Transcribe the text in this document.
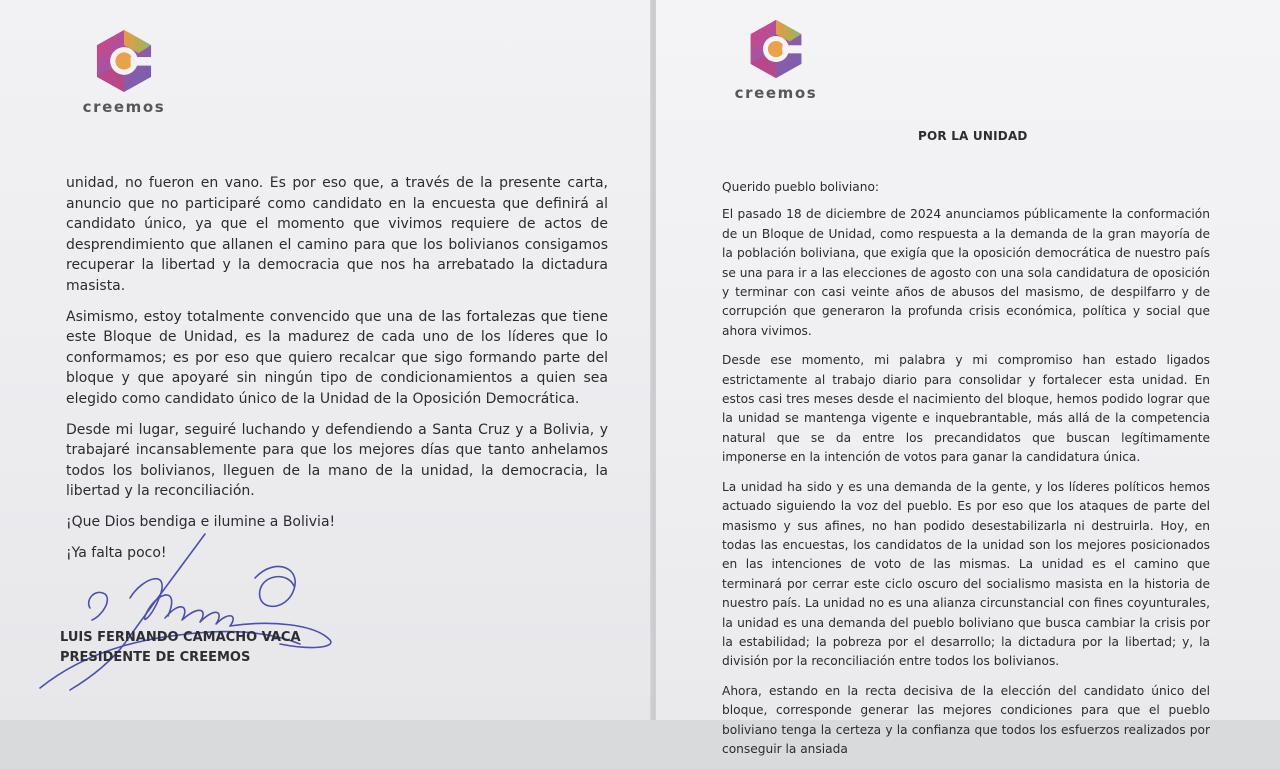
creemos

unidad, no fueron en vano. Es por eso que, a través de la presente carta, anuncio que no participaré como candidato en la encuesta que definirá al candidato único, ya que el momento que vivimos requiere de actos de desprendimiento que allanen el camino para que los bolivianos consigamos recuperar la libertad y la democracia que nos ha arrebatado la dictadura masista.

Asimismo, estoy totalmente convencido que una de las fortalezas que tiene este Bloque de Unidad, es la madurez de cada uno de los líderes que lo conformamos; es por eso que quiero recalcar que sigo formando parte del bloque y que apoyaré sin ningún tipo de condicionamientos a quien sea elegido como candidato único de la Unidad de la Oposición Democrática.

Desde mi lugar, seguiré luchando y defendiendo a Santa Cruz y a Bolivia, y trabajaré incansablemente para que los mejores días que tanto anhelamos todos los bolivianos, lleguen de la mano de la unidad, la democracia, la libertad y la reconciliación.

¡Que Dios bendiga e ilumine a Bolivia!

¡Ya falta poco!

LUIS FERNANDO CAMACHO VACA
PRESIDENTE DE CREEMOS
creemos
POR LA UNIDAD

Querido pueblo boliviano:

El pasado 18 de diciembre de 2024 anunciamos públicamente la conformación de un Bloque de Unidad, como respuesta a la demanda de la gran mayoría de la población boliviana, que exigía que la oposición democrática de nuestro país se una para ir a las elecciones de agosto con una sola candidatura de oposición y terminar con casi veinte años de abusos del masismo, de despilfarro y de corrupción que generaron la profunda crisis económica, política y social que ahora vivimos.

Desde ese momento, mi palabra y mi compromiso han estado ligados estrictamente al trabajo diario para consolidar y fortalecer esta unidad. En estos casi tres meses desde el nacimiento del bloque, hemos podido lograr que la unidad se mantenga vigente e inquebrantable, más allá de la competencia natural que se da entre los precandidatos que buscan legítimamente imponerse en la intención de votos para ganar la candidatura única.

La unidad ha sido y es una demanda de la gente, y los líderes políticos hemos actuado siguiendo la voz del pueblo. Es por eso que los ataques de parte del masismo y sus afines, no han podido desestabilizarla ni destruirla. Hoy, en todas las encuestas, los candidatos de la unidad son los mejores posicionados en las intenciones de voto de las mismas. La unidad es el camino que terminará por cerrar este ciclo oscuro del socialismo masista en la historia de nuestro país. La unidad no es una alianza circunstancial con fines coyunturales, la unidad es una demanda del pueblo boliviano que busca cambiar la crisis por la estabilidad; la pobreza por el desarrollo; la dictadura por la libertad; y, la división por la reconciliación entre todos los bolivianos.

Ahora, estando en la recta decisiva de la elección del candidato único del bloque, corresponde generar las mejores condiciones para que el pueblo boliviano tenga la certeza y la confianza que todos los esfuerzos realizados por conseguir la ansiada
